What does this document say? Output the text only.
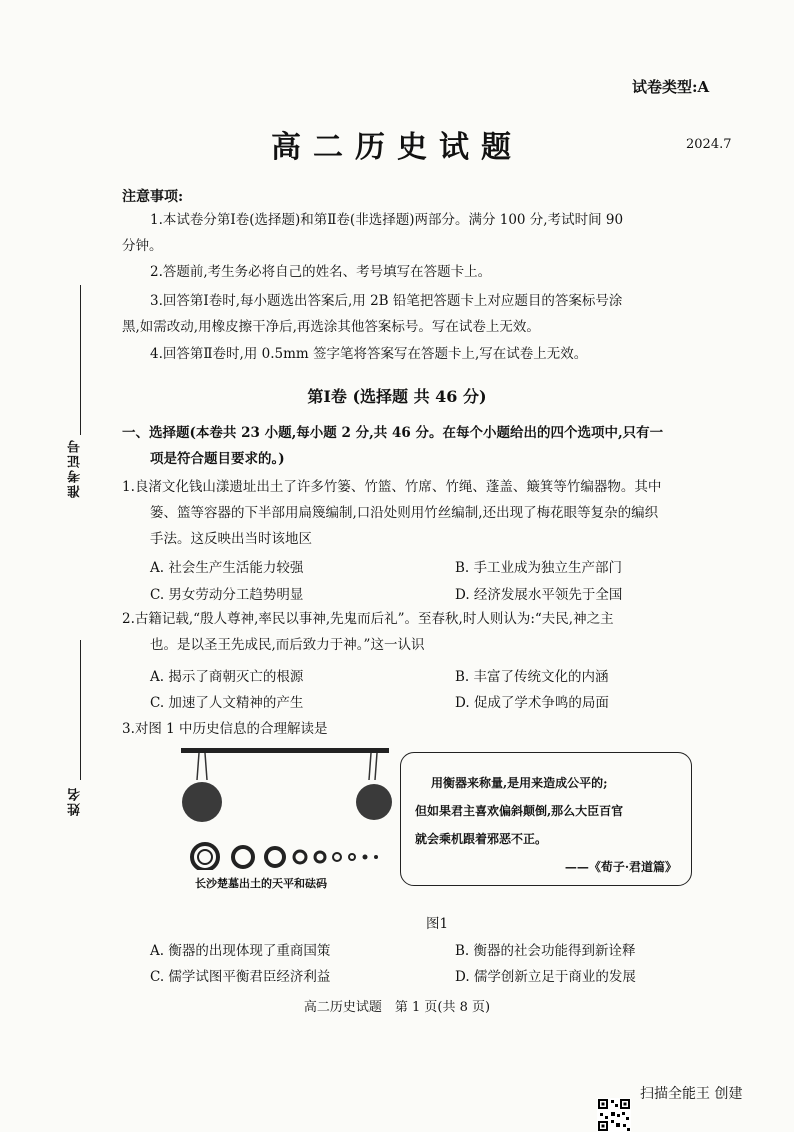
试卷类型:A
高二历史试题	2024.7
注意事项:
1.本试卷分第Ⅰ卷(选择题)和第Ⅱ卷(非选择题)两部分。满分 100 分,考试时间 90
分钟。
2.答题前,考生务必将自己的姓名、考号填写在答题卡上。
3.回答第Ⅰ卷时,每小题选出答案后,用 2B 铅笔把答题卡上对应题目的答案标号涂
黑,如需改动,用橡皮擦干净后,再选涂其他答案标号。写在试卷上无效。
4.回答第Ⅱ卷时,用 0.5mm 签字笔将答案写在答题卡上,写在试卷上无效。
准考证号
姓名
第Ⅰ卷 (选择题 共 46 分)
一、选择题(本卷共 23 小题,每小题 2 分,共 46 分。在每个小题给出的四个选项中,只有一
项是符合题目要求的。)
1.良渚文化钱山漾遗址出土了许多竹篓、竹篮、竹席、竹绳、蓬盖、簸箕等竹编器物。其中
篓、篮等容器的下半部用扁篾编制,口沿处则用竹丝编制,还出现了梅花眼等复杂的编织
手法。这反映出当时该地区
A. 社会生产生活能力较强	B. 手工业成为独立生产部门
C. 男女劳动分工趋势明显	D. 经济发展水平领先于全国
2.古籍记载,“殷人尊神,率民以事神,先鬼而后礼”。至春秋,时人则认为:“夫民,神之主
也。是以圣王先成民,而后致力于神。”这一认识
A. 揭示了商朝灭亡的根源	B. 丰富了传统文化的内涵
C. 加速了人文精神的产生	D. 促成了学术争鸣的局面
3.对图 1 中历史信息的合理解读是
长沙楚墓出土的天平和砝码
用衡器来称量,是用来造成公平的;
但如果君主喜欢偏斜颠倒,那么大臣百官
就会乘机跟着邪恶不正。
——《荀子·君道篇》
图1
A. 衡器的出现体现了重商国策	B. 衡器的社会功能得到新诠释
C. 儒学试图平衡君臣经济利益	D. 儒学创新立足于商业的发展
高二历史试题　第 1 页(共 8 页)
扫描全能王 创建
